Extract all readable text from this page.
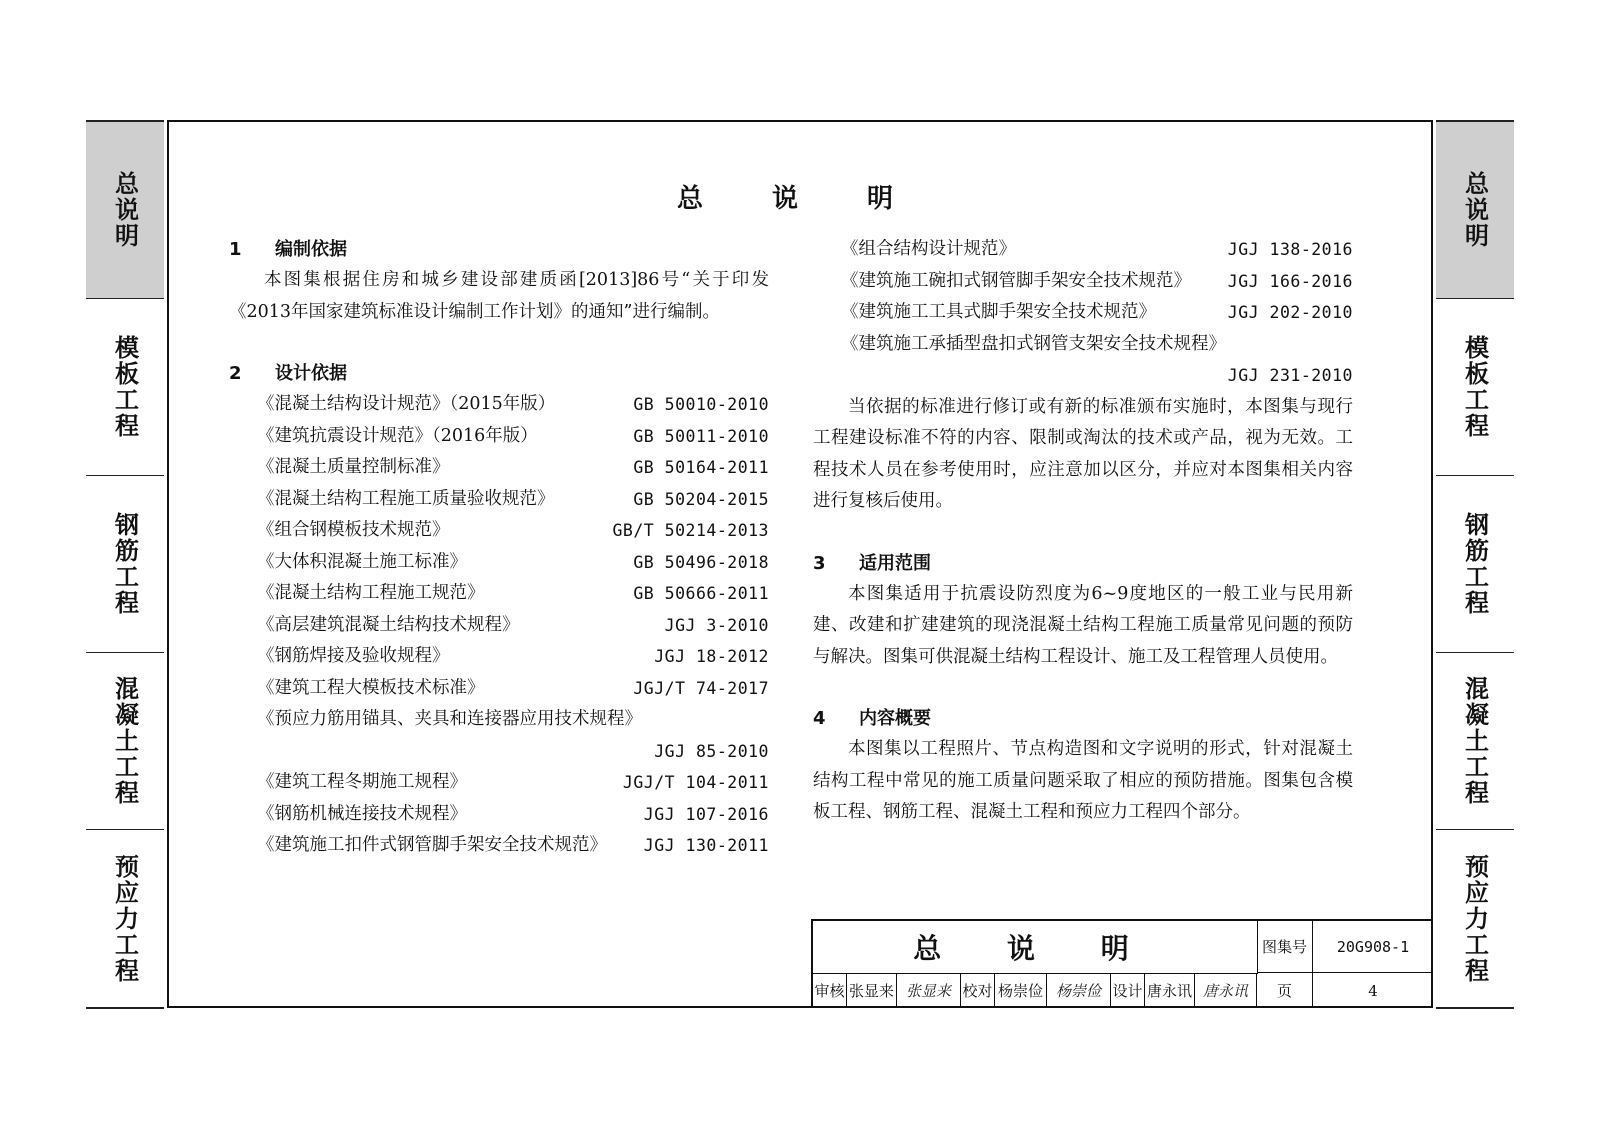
总说明
模板工程
钢筋工程
混凝土工程
预应力工程
总说明
模板工程
钢筋工程
混凝土工程
预应力工程
总 说 明
1 编制依据
本图集根据住房和城乡建设部建质函[2013]86号“关于印发《2013年国家建筑标准设计编制工作计划》的通知”进行编制。
2 设计依据
《混凝土结构设计规范》（2015年版）	GB 50010-2010
《建筑抗震设计规范》（2016年版）	GB 50011-2010
《混凝土质量控制标准》	GB 50164-2011
《混凝土结构工程施工质量验收规范》	GB 50204-2015
《组合钢模板技术规范》	GB/T 50214-2013
《大体积混凝土施工标准》	GB 50496-2018
《混凝土结构工程施工规范》	GB 50666-2011
《高层建筑混凝土结构技术规程》	JGJ 3-2010
《钢筋焊接及验收规程》	JGJ 18-2012
《建筑工程大模板技术标准》	JGJ/T 74-2017
《预应力筋用锚具、夹具和连接器应用技术规程》
JGJ 85-2010
《建筑工程冬期施工规程》	JGJ/T 104-2011
《钢筋机械连接技术规程》	JGJ 107-2016
《建筑施工扣件式钢管脚手架安全技术规范》 JGJ 130-2011
《组合结构设计规范》	JGJ 138-2016
《建筑施工碗扣式钢管脚手架安全技术规范》 JGJ 166-2016
《建筑施工工具式脚手架安全技术规范》	JGJ 202-2010
《建筑施工承插型盘扣式钢管支架安全技术规程》
JGJ 231-2010
当依据的标准进行修订或有新的标准颁布实施时，本图集与现行工程建设标准不符的内容、限制或淘汰的技术或产品，视为无效。工程技术人员在参考使用时，应注意加以区分，并应对本图集相关内容进行复核后使用。
3 适用范围
本图集适用于抗震设防烈度为6~9度地区的一般工业与民用新建、改建和扩建建筑的现浇混凝土结构工程施工质量常见问题的预防与解决。图集可供混凝土结构工程设计、施工及工程管理人员使用。
4 内容概要
本图集以工程照片、节点构造图和文字说明的形式，针对混凝土结构工程中常见的施工质量问题采取了相应的预防措施。图集包含模板工程、钢筋工程、混凝土工程和预应力工程四个部分。
总 说 明	图集号	20G908-1
审核 张显来 张显来 校对 杨崇俭 杨崇俭 设计 唐永讯 唐永讯	页	4
